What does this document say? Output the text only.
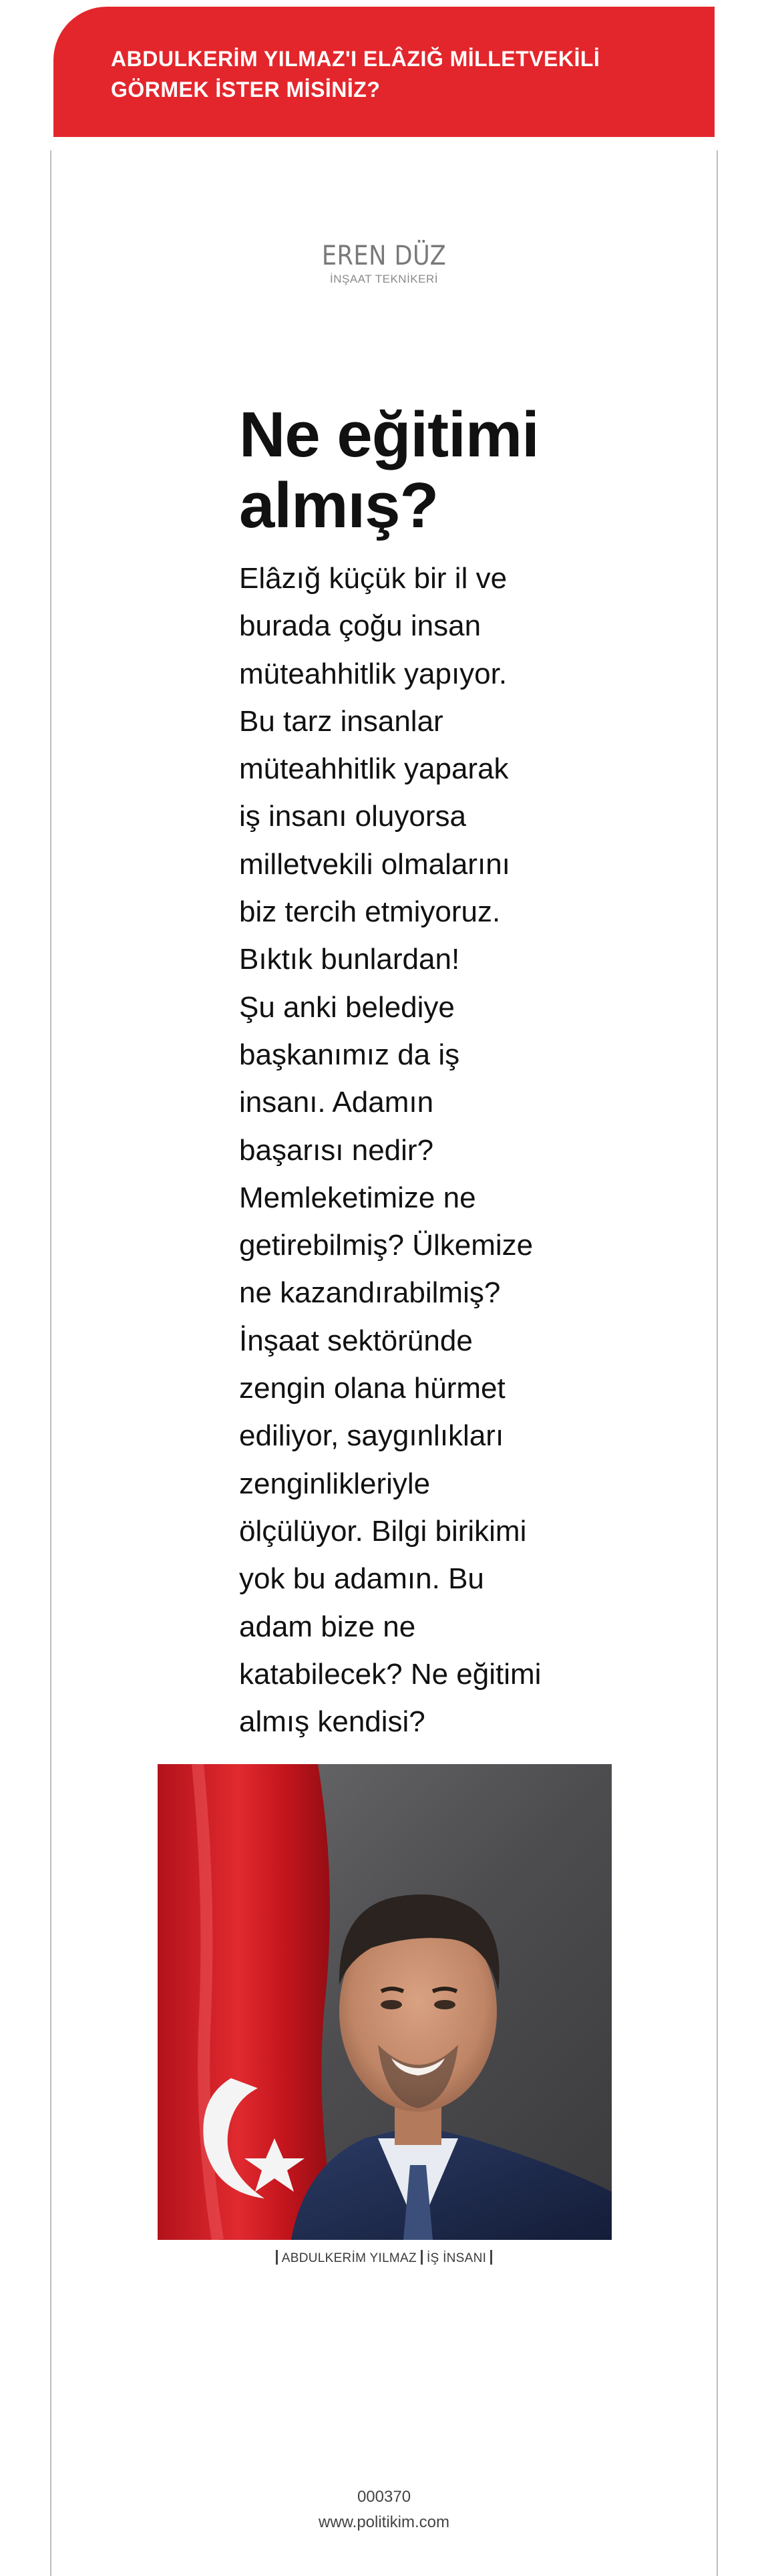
ABDULKERİM YILMAZ'I ELÂZIĞ MİLLETVEKİLİ
GÖRMEK İSTER MİSİNİZ?
EREN DÜZ
İNŞAAT TEKNİKERİ
Ne eğitimi
almış?
Elâzığ küçük bir il ve
burada çoğu insan
müteahhitlik yapıyor.
Bu tarz insanlar
müteahhitlik yaparak
iş insanı oluyorsa
milletvekili olmalarını
biz tercih etmiyoruz.
Bıktık bunlardan!
Şu anki belediye
başkanımız da iş
insanı. Adamın
başarısı nedir?
Memleketimize ne
getirebilmiş? Ülkemize
ne kazandırabilmiş?
İnşaat sektöründe
zengin olana hürmet
ediliyor, saygınlıkları
zenginlikleriyle
ölçülüyor. Bilgi birikimi
yok bu adamın. Bu
adam bize ne
katabilecek? Ne eğitimi
almış kendisi?
ABDULKERİM YILMAZ İŞ İNSANI
000370
www.politikim.com
